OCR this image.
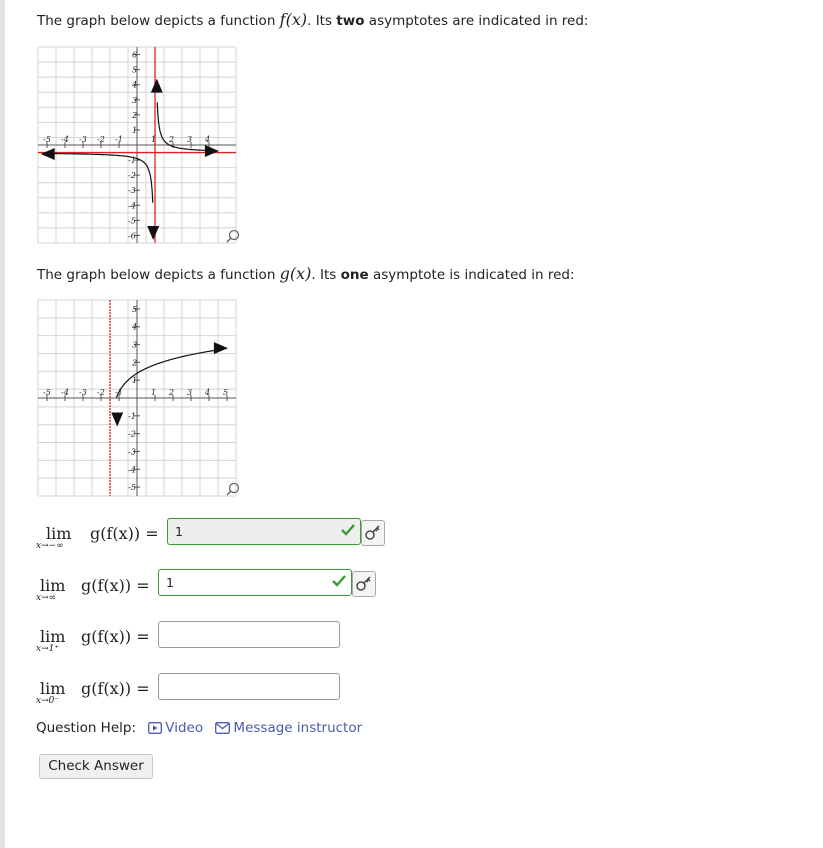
The graph below depicts a function f(x). Its two asymptotes are indicated in red:
-5 -4 -3 -2 -1	1 2 3 4
6
5
4
3
2
1
-1
-2
-3
-4
-5
-6
The graph below depicts a function g(x). Its one asymptote is indicated in red:
-5 -4 -3 -2 -1	1 2 3 4 5
5
4
3
2
1
-1
-2
-3
-4
-5
lim
x→−∞
g(f(x)) =	1
lim
x→∞
g(f(x)) =	1
lim
x→1⁺
g(f(x)) =
lim
x→0⁻
g(f(x)) =
Question Help: Video Message instructor
Check Answer
